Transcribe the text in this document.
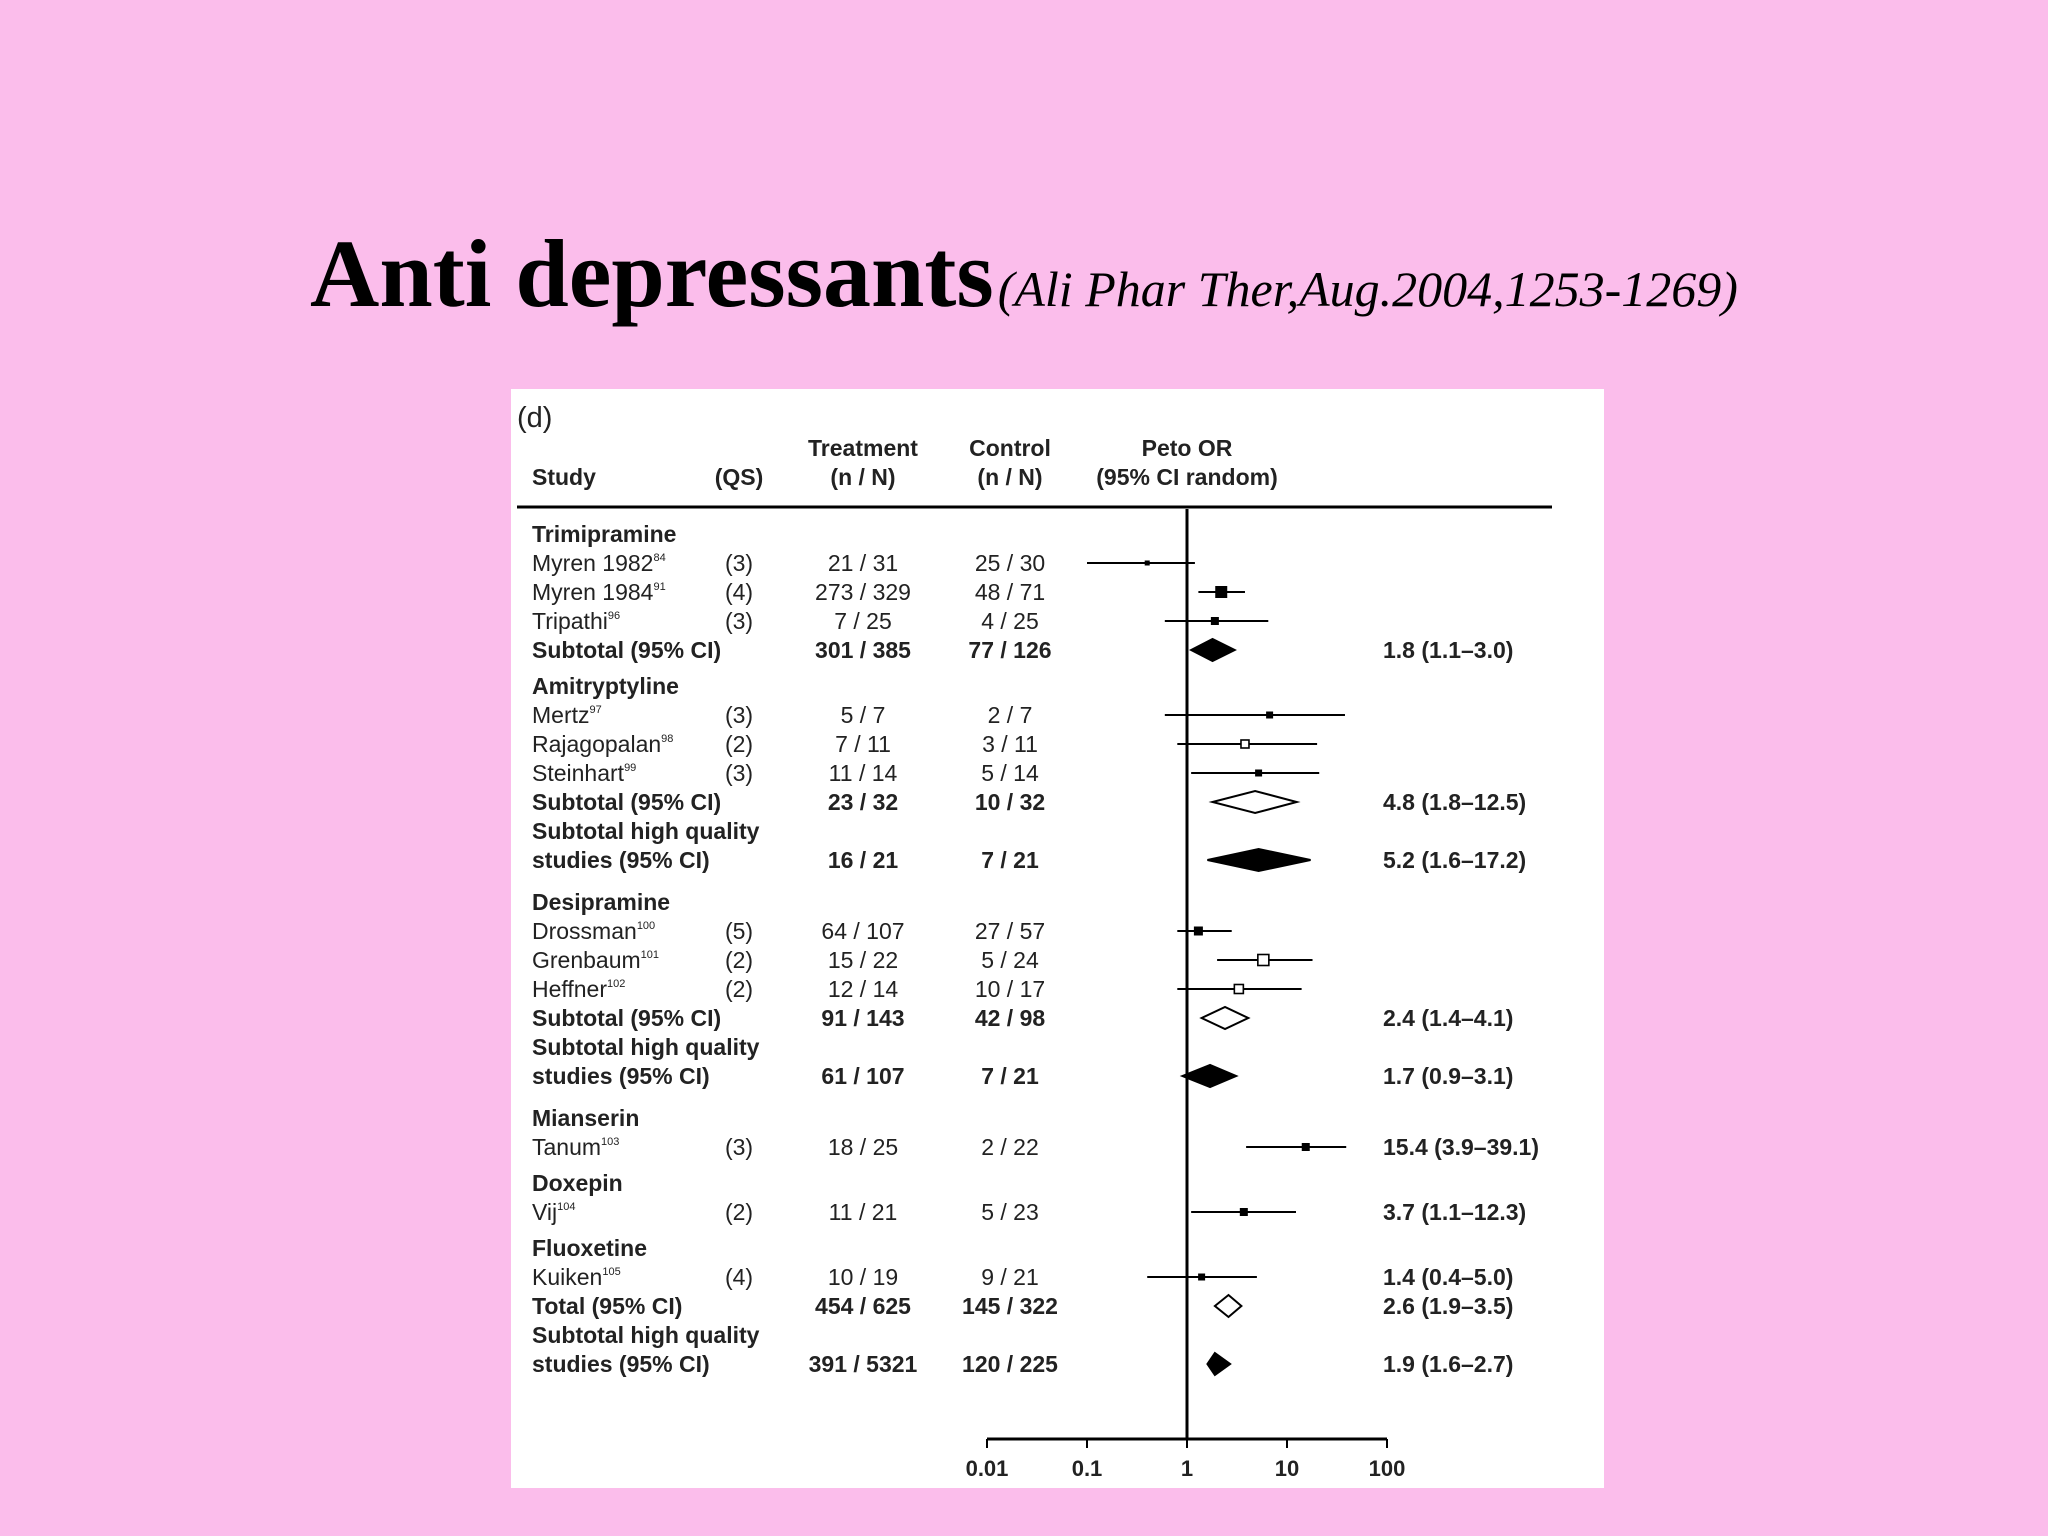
Anti depressants (Ali Phar Ther,Aug.2004,1253-1269)
(d)
Treatment
(n / N)
Control
(n / N)
Peto OR
(95% CI random)
Study	(QS)
Trimipramine
Myren 1982$^{84}$	(3)	21 / 31	25 / 30
Myren 1984$^{91}$	(4)	273 / 329	48 / 71
Tripathi$^{96}$	(3)	7 / 25	4 / 25
Subtotal (95% CI)	301 / 385 77 / 126	1.8 (1.1–3.0)
Amitryptyline
Mertz$^{97}$	(3)	5 / 7	2 / 7
Rajagopalan$^{98}$ (2)	7 / 11	3 / 11
Steinhart$^{99}$	(3)	11 / 14	5 / 14
Subtotal (95% CI)	23 / 32	10 / 32	4.8 (1.8–12.5)
Subtotal high quality
studies (95% CI)	16 / 21	7 / 21	5.2 (1.6–17.2)
Desipramine
Drossman$^{100}$	(5)	64 / 107	27 / 57
Grenbaum$^{101}$	(2)	15 / 22	5 / 24
Heffner$^{102}$	(2)	12 / 14	10 / 17
Subtotal (95% CI)	91 / 143	42 / 98	2.4 (1.4–4.1)
Subtotal high quality
studies (95% CI)	61 / 107	7 / 21	1.7 (0.9–3.1)
Mianserin
Tanum$^{103}$	(3)	18 / 25	2 / 22	15.4 (3.9–39.1)
Doxepin
Vij$^{104}$	(2)	11 / 21	5 / 23	3.7 (1.1–12.3)
Fluoxetine
Kuiken$^{105}$	(4)	10 / 19	9 / 21	1.4 (0.4–5.0)
Total (95% CI)	454 / 625 145 / 322	2.6 (1.9–3.5)
Subtotal high quality
studies (95% CI)	391 / 5321 120 / 225	1.9 (1.6–2.7)
0.01	0.1	1	10	100
